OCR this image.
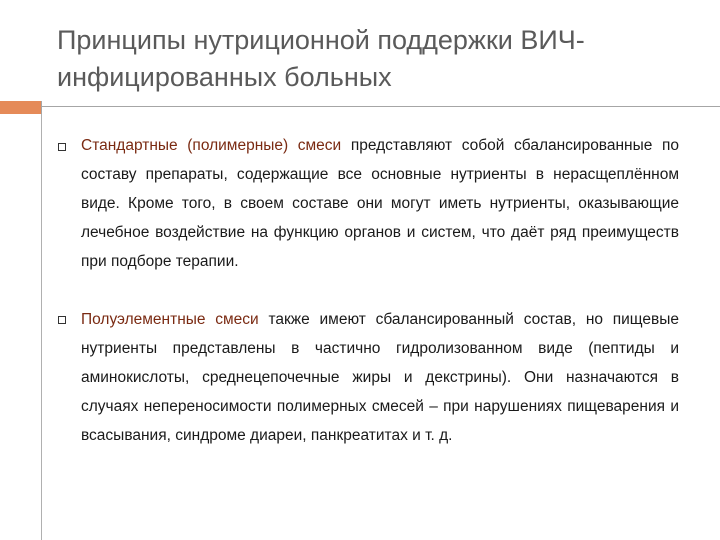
Принципы нутриционной поддержки ВИЧ-инфицированных больных
Стандартные (полимерные) смеси представляют собой сбалансированные по составу препараты, содержащие все основные нутриенты в нерасщеплённом виде. Кроме того, в своем составе они могут иметь нутриенты, оказывающие лечебное воздействие на функцию органов и систем, что даёт ряд преимуществ при подборе терапии.
Полуэлементные смеси также имеют сбалансированный состав, но пищевые нутриенты представлены в частично гидролизованном виде (пептиды и аминокислоты, среднецепочечные жиры и декстрины). Они назначаются в случаях непереносимости полимерных смесей – при нарушениях пищеварения и всасывания, синдроме диареи, панкреатитах и т. д.
